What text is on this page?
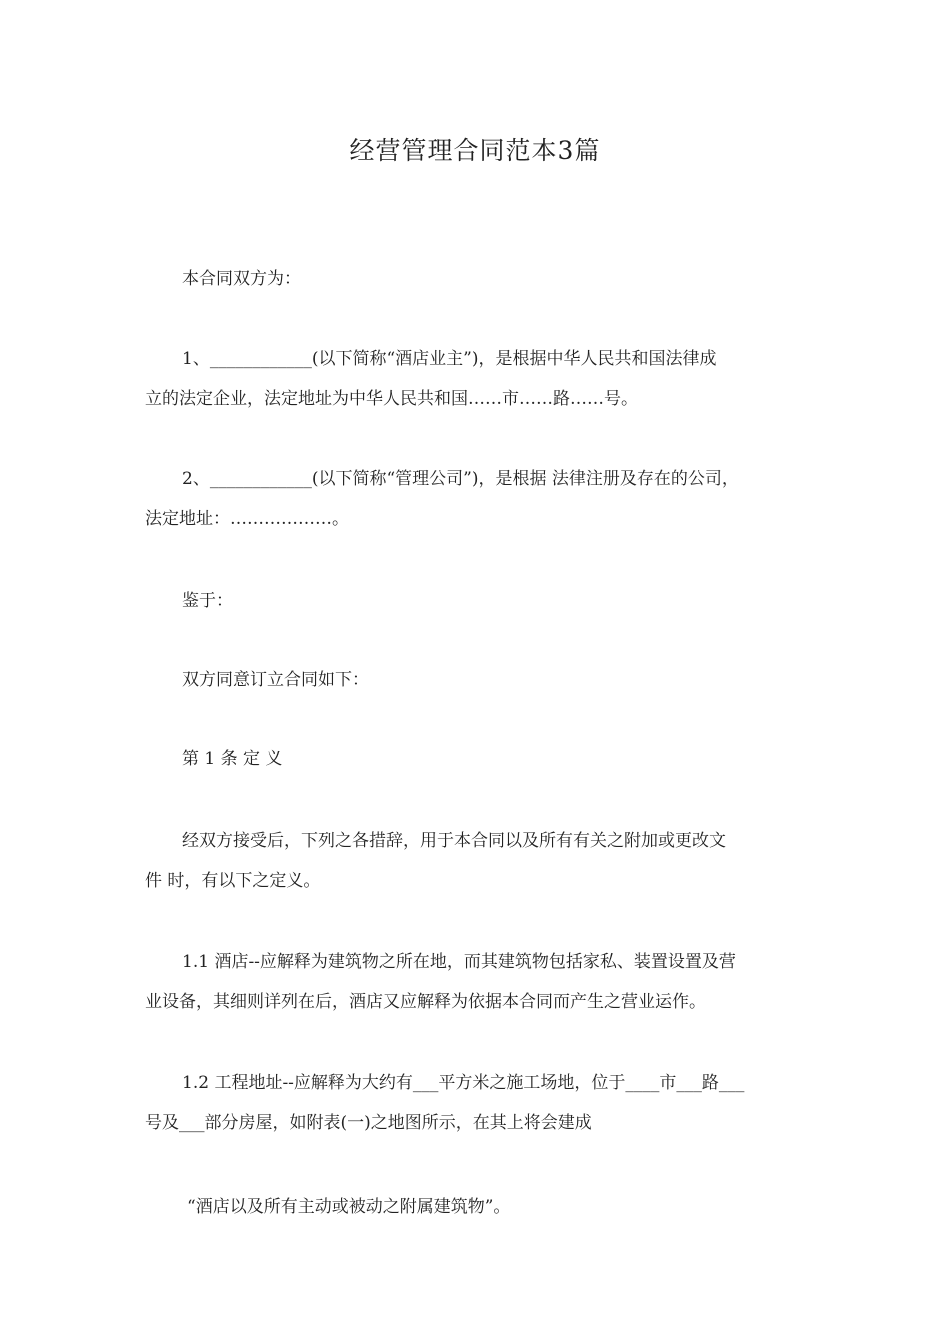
经营管理合同范本3篇
本合同双方为：
1、____________(以下简称“酒店业主”)，是根据中华人民共和国法律成
立的法定企业，法定地址为中华人民共和国……市……路……号。
2、____________(以下简称“管理公司”)，是根据 法律注册及存在的公司，
法定地址：………………。
鉴于：
双方同意订立合同如下：
第 1 条 定 义
经双方接受后，下列之各措辞，用于本合同以及所有有关之附加或更改文
件 时，有以下之定义。
1.1 酒店--应解释为建筑物之所在地，而其建筑物包括家私、装置设置及营
业设备，其细则详列在后，酒店又应解释为依据本合同而产生之营业运作。
1.2 工程地址--应解释为大约有___平方米之施工场地，位于____市___路___
号及___部分房屋，如附表(一)之地图所示，在其上将会建成
“酒店以及所有主动或被动之附属建筑物”。
